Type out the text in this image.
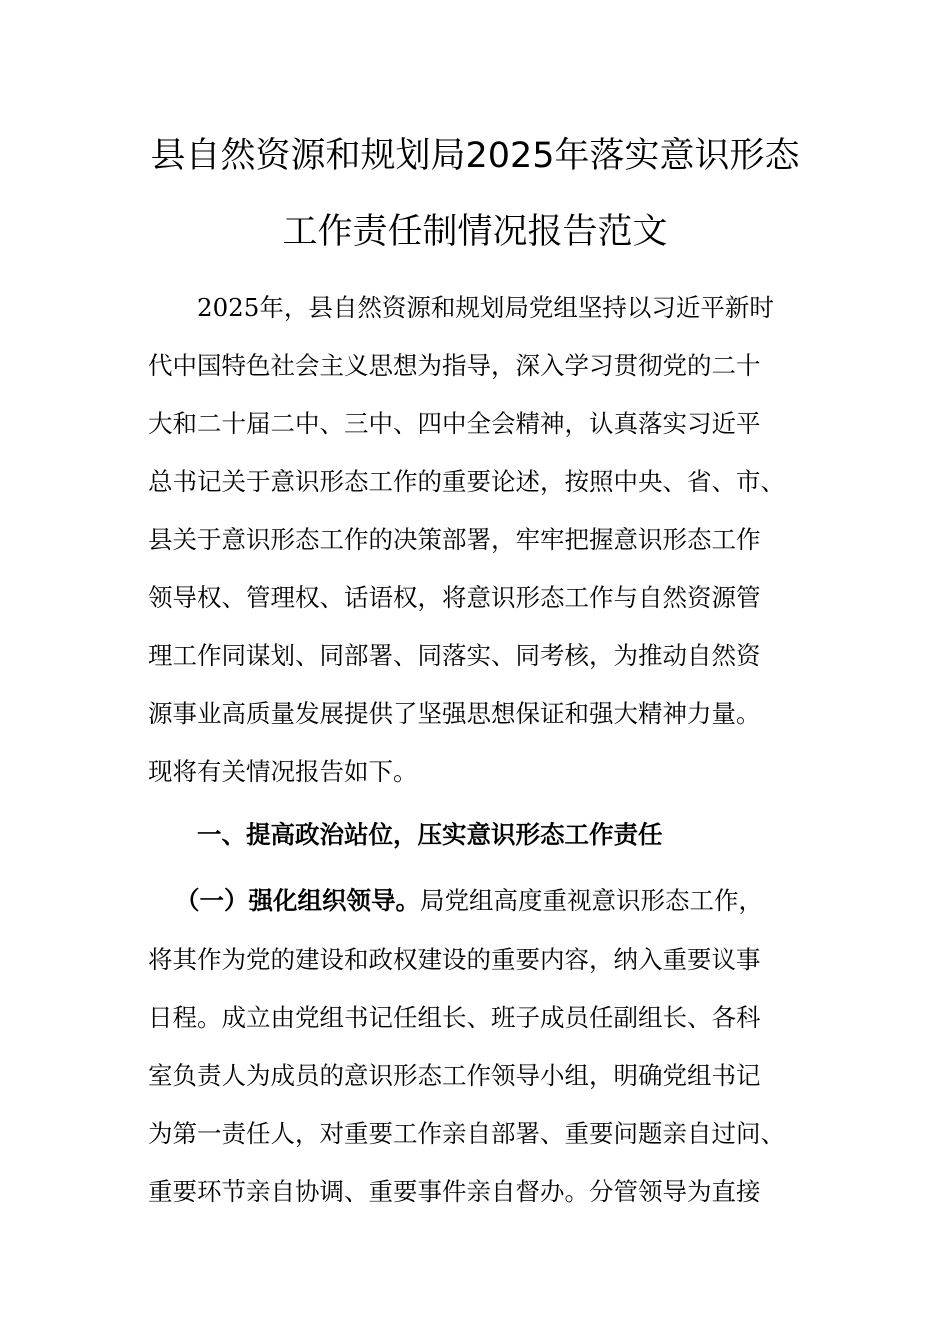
县自然资源和规划局2025年落实意识形态
工作责任制情况报告范文
2025年，县自然资源和规划局党组坚持以习近平新时
代中国特色社会主义思想为指导，深入学习贯彻党的二十
大和二十届二中、三中、四中全会精神，认真落实习近平
总书记关于意识形态工作的重要论述，按照中央、省、市、
县关于意识形态工作的决策部署，牢牢把握意识形态工作
领导权、管理权、话语权，将意识形态工作与自然资源管
理工作同谋划、同部署、同落实、同考核，为推动自然资
源事业高质量发展提供了坚强思想保证和强大精神力量。
现将有关情况报告如下。
一、提高政治站位，压实意识形态工作责任
（一）强化组织领导。局党组高度重视意识形态工作，
将其作为党的建设和政权建设的重要内容，纳入重要议事
日程。成立由党组书记任组长、班子成员任副组长、各科
室负责人为成员的意识形态工作领导小组，明确党组书记
为第一责任人，对重要工作亲自部署、重要问题亲自过问、
重要环节亲自协调、重要事件亲自督办。分管领导为直接
